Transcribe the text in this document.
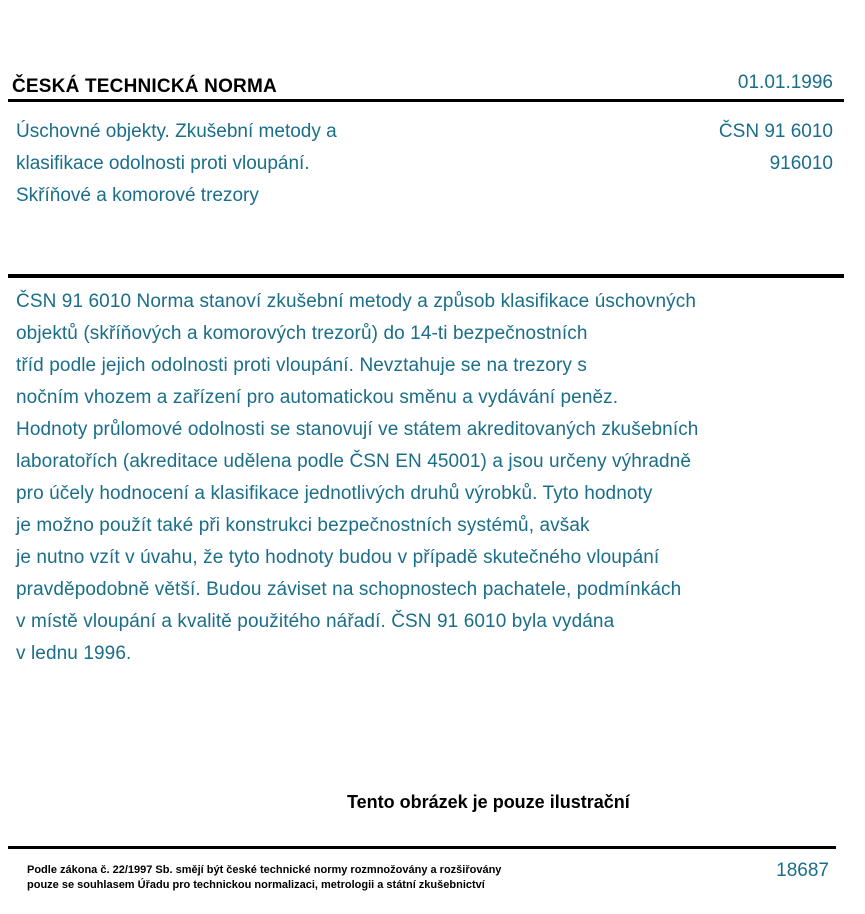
ČESKÁ TECHNICKÁ NORMA	01.01.1996
Úschovné objekty. Zkušební metody a
klasifikace odolnosti proti vloupání.
Skříňové a komorové trezory
ČSN 91 6010
916010
ČSN 91 6010 Norma stanoví zkušební metody a způsob klasifikace úschovných
objektů (skříňových a komorových trezorů) do 14-ti bezpečnostních
tříd podle jejich odolnosti proti vloupání. Nevztahuje se na trezory s
nočním vhozem a zařízení pro automatickou směnu a vydávání peněz.
Hodnoty průlomové odolnosti se stanovují ve státem akreditovaných zkušebních
laboratořích (akreditace udělena podle ČSN EN 45001) a jsou určeny výhradně
pro účely hodnocení a klasifikace jednotlivých druhů výrobků. Tyto hodnoty
je možno použít také při konstrukci bezpečnostních systémů, avšak
je nutno vzít v úvahu, že tyto hodnoty budou v případě skutečného vloupání
pravděpodobně větší. Budou záviset na schopnostech pachatele, podmínkách
v místě vloupání a kvalitě použitého nářadí. ČSN 91 6010 byla vydána
v lednu 1996.
Tento obrázek je pouze ilustrační
Podle zákona č. 22/1997 Sb. smějí být české technické normy rozmnožovány a rozšiřovány
pouze se souhlasem Úřadu pro technickou normalizaci, metrologii a státní zkušebnictví
18687
